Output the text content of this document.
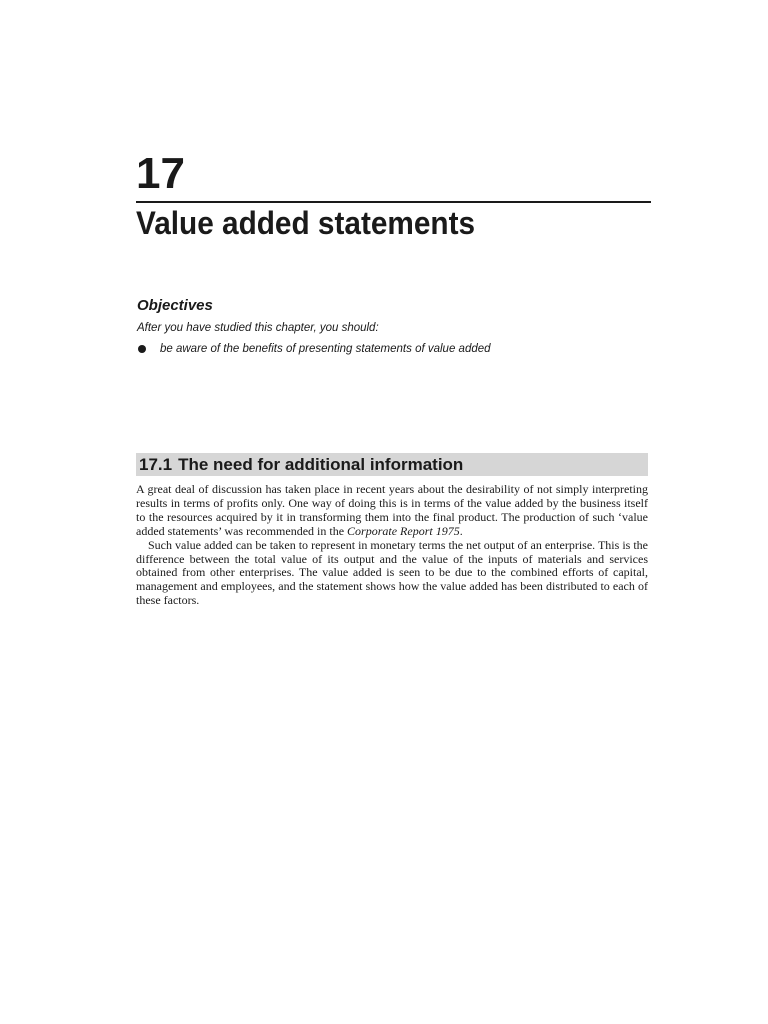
17
Value added statements
Objectives

After you have studied this chapter, you should:

be aware of the benefits of presenting statements of value added
17.1 The need for additional information

A great deal of discussion has taken place in recent years about the desirability of not simply interpreting results in terms of profits only. One way of doing this is in terms of the value added by the business itself to the resources acquired by it in transforming them into the final product. The production of such ‘value added statements’ was recommended in the Corporate Report 1975.

Such value added can be taken to represent in monetary terms the net output of an enterprise. This is the difference between the total value of its output and the value of the inputs of materials and services obtained from other enterprises. The value added is seen to be due to the combined efforts of capital, management and employees, and the statement shows how the value added has been distributed to each of these factors.
